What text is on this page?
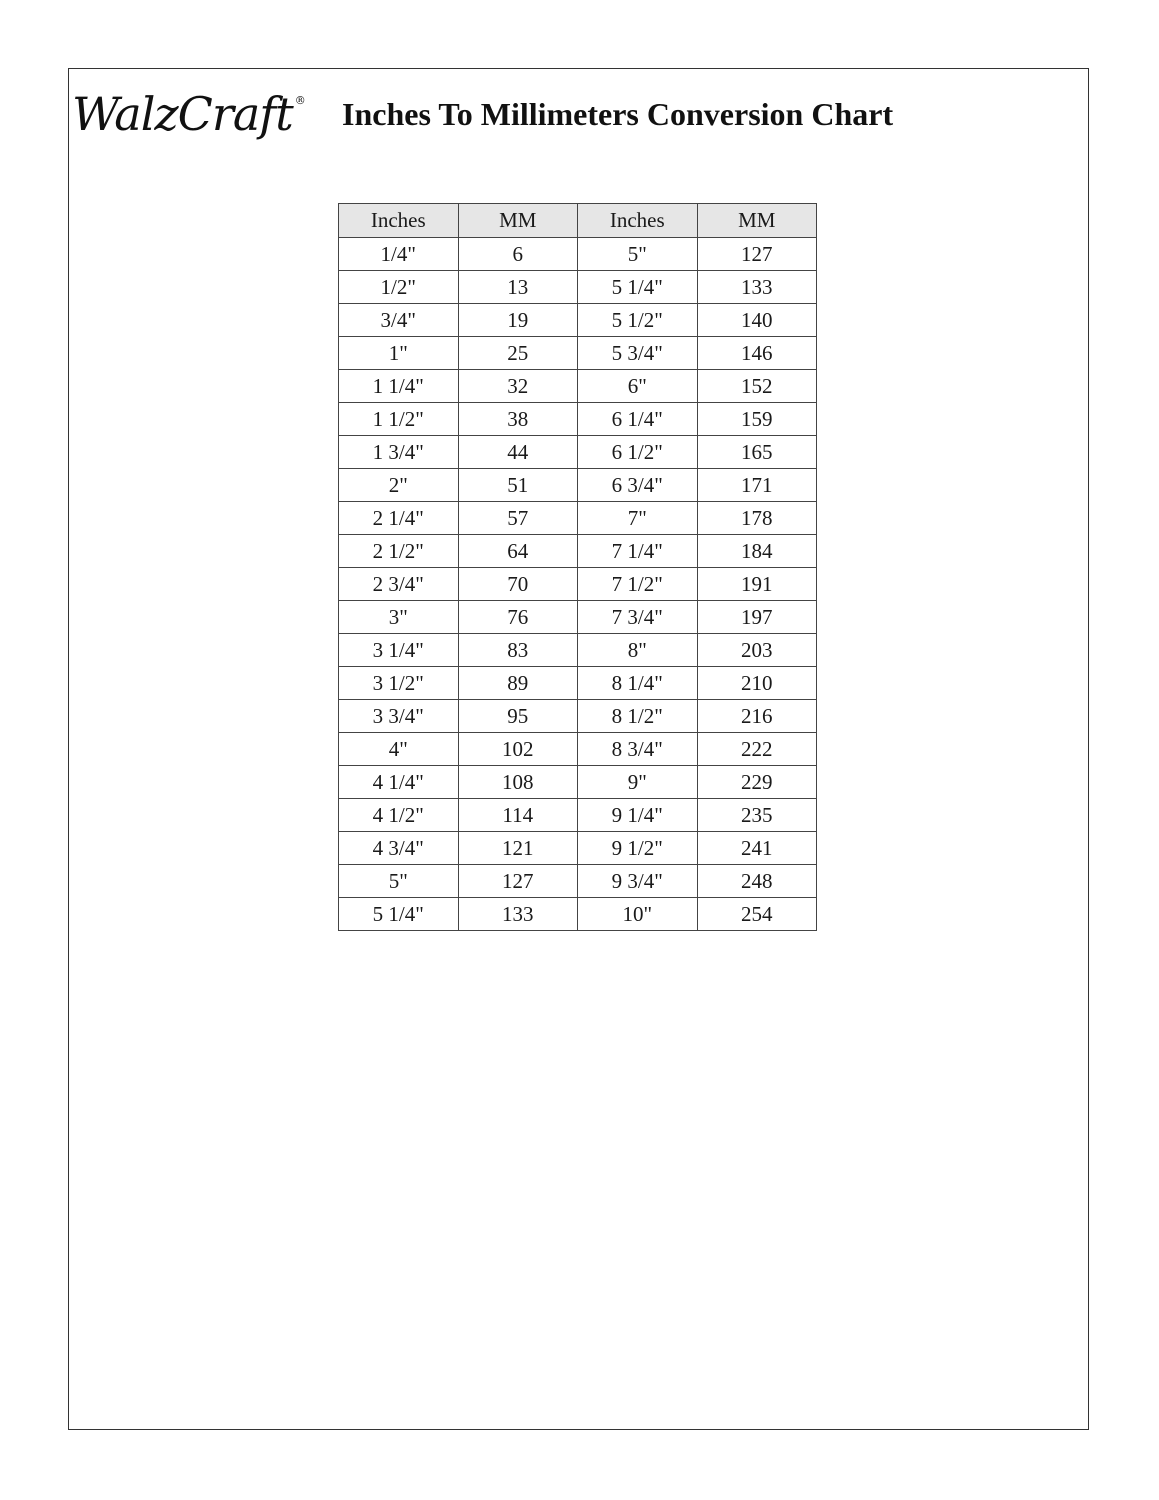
WalzCraft ® Inches To Millimeters Conversion Chart
Inches	MM	Inches	MM
1/4"	6	5"	127
1/2"	13	5 1/4"	133
3/4"	19	5 1/2"	140
1"	25	5 3/4"	146
1 1/4"	32	6"	152
1 1/2"	38	6 1/4"	159
1 3/4"	44	6 1/2"	165
2"	51	6 3/4"	171
2 1/4"	57	7"	178
2 1/2"	64	7 1/4"	184
2 3/4"	70	7 1/2"	191
3"	76	7 3/4"	197
3 1/4"	83	8"	203
3 1/2"	89	8 1/4"	210
3 3/4"	95	8 1/2"	216
4"	102	8 3/4"	222
4 1/4"	108	9"	229
4 1/2"	114	9 1/4"	235
4 3/4"	121	9 1/2"	241
5"	127	9 3/4"	248
5 1/4"	133	10"	254
